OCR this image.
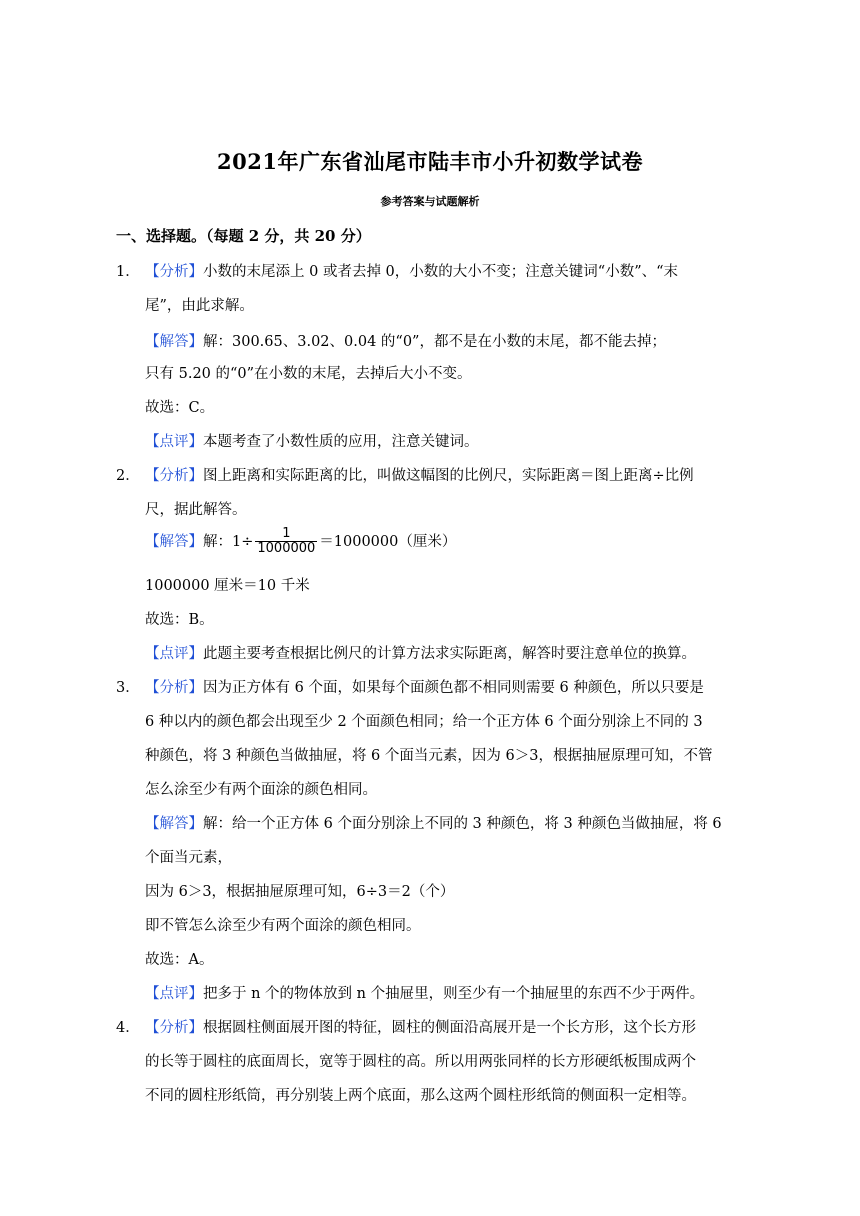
2021年广东省汕尾市陆丰市小升初数学试卷
参考答案与试题解析
一、选择题。（每题 2 分，共 20 分）
1． 【分析】小数的末尾添上 0 或者去掉 0，小数的大小不变；注意关键词“小数”、“末
尾”，由此求解。
【解答】解：300.65、3.02、0.04 的“0”，都不是在小数的末尾，都不能去掉；
只有 5.20 的“0”在小数的末尾，去掉后大小不变。
故选：C。
【点评】本题考查了小数性质的应用，注意关键词。
2． 【分析】图上距离和实际距离的比，叫做这幅图的比例尺，实际距离＝图上距离÷比例
尺，据此解答。
【解答】解：$1\div \frac{1}{1000000} =1000000$（厘米）
1000000 厘米＝10 千米
故选：B。
【点评】此题主要考查根据比例尺的计算方法求实际距离，解答时要注意单位的换算。
3． 【分析】因为正方体有 6 个面，如果每个面颜色都不相同则需要 6 种颜色，所以只要是
6 种以内的颜色都会出现至少 2 个面颜色相同；给一个正方体 6 个面分别涂上不同的 3
种颜色，将 3 种颜色当做抽屉，将 6 个面当元素，因为 6＞3，根据抽屉原理可知，不管
怎么涂至少有两个面涂的颜色相同。
【解答】解：给一个正方体 6 个面分别涂上不同的 3 种颜色，将 3 种颜色当做抽屉，将 6
个面当元素，
因为 6＞3，根据抽屉原理可知，6÷3＝2（个）
即不管怎么涂至少有两个面涂的颜色相同。
故选：A。
【点评】把多于 n 个的物体放到 n 个抽屉里，则至少有一个抽屉里的东西不少于两件。
4． 【分析】根据圆柱侧面展开图的特征，圆柱的侧面沿高展开是一个长方形，这个长方形
的长等于圆柱的底面周长，宽等于圆柱的高。所以用两张同样的长方形硬纸板围成两个
不同的圆柱形纸筒，再分别装上两个底面，那么这两个圆柱形纸筒的侧面积一定相等。
